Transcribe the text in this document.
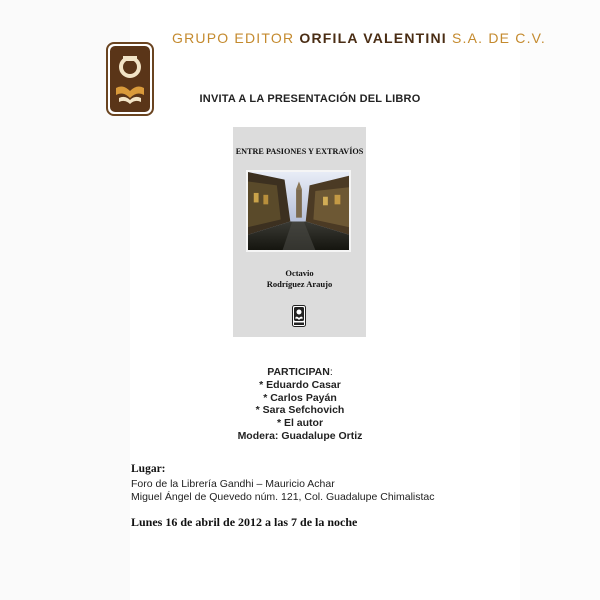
GRUPO EDITOR ORFILA VALENTINI S.A. DE C.V.
INVITA A LA PRESENTACIÓN DEL LIBRO
ENTRE PASIONES Y EXTRAVÍOS
Octavio
Rodríguez Araujo
PARTICIPAN:
* Eduardo Casar
* Carlos Payán
* Sara Sefchovich
* El autor
Modera: Guadalupe Ortiz
Lugar:
Foro de la Librería Gandhi – Mauricio Achar
Miguel Ángel de Quevedo núm. 121, Col. Guadalupe Chimalistac
Lunes 16 de abril de 2012 a las 7 de la noche
